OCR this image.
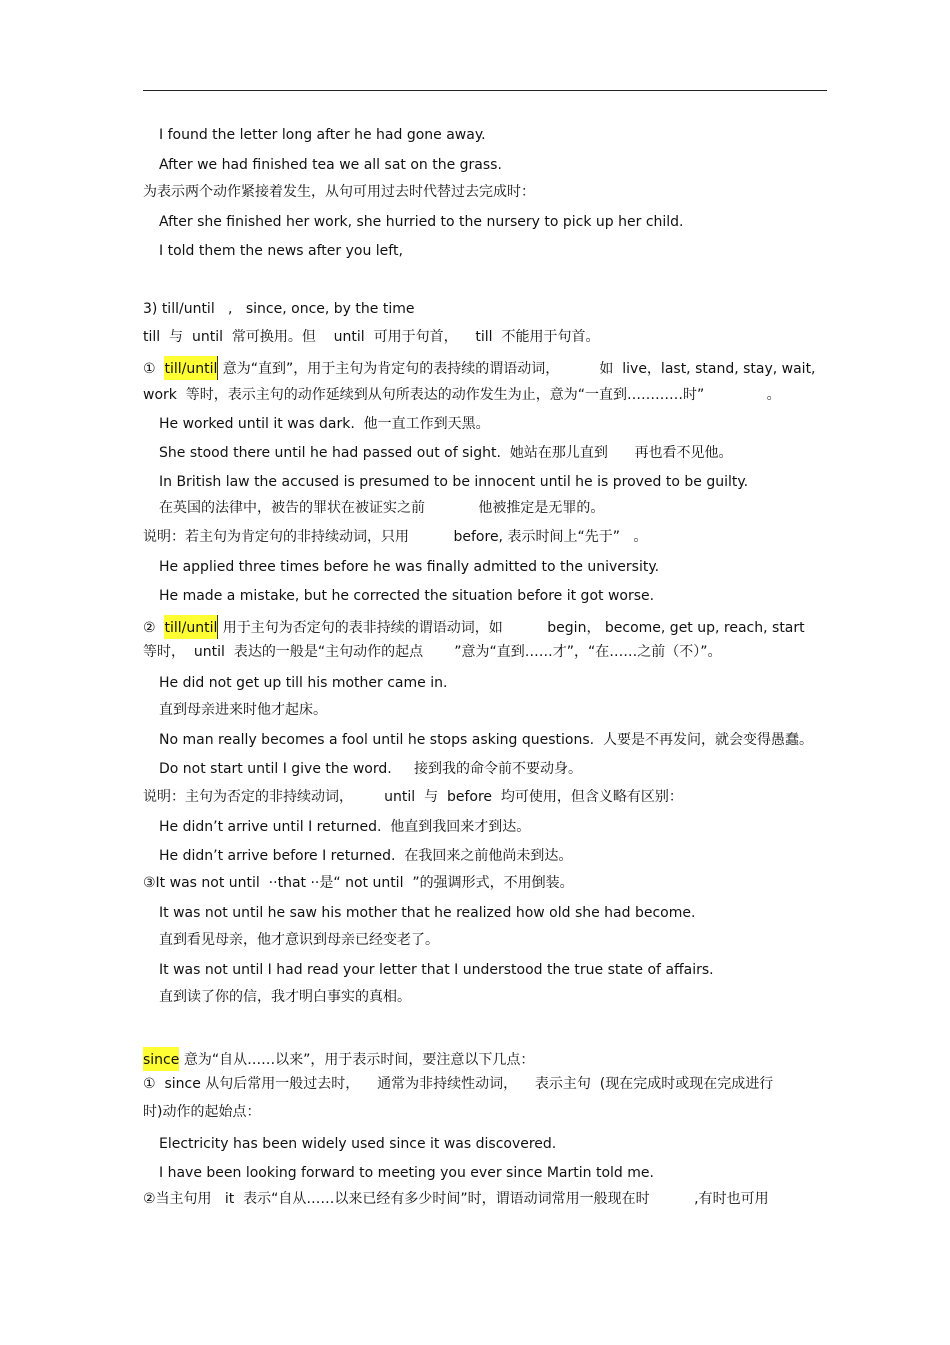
I found the letter long after he had gone away.
After we had finished tea we all sat on the grass.
为表示两个动作紧接着发生，从句可用过去时代替过去完成时：
After she finished her work, she hurried to the nursery to pick up her child.
I told them the news after you left,
3) till/until   ,   since, once, by the time
till  与  until  常可换用。但    until  可用于句首，    till  不能用于句首。
①  till/until 意为“直到”，用于主句为肯定句的表持续的谓语动词，         如  live，last, stand, stay, wait,
work  等时，表示主句的动作延续到从句所表达的动作发生为止，意为“一直到…………时”              。
He worked until it was dark.  他一直工作到天黑。
She stood there until he had passed out of sight.  她站在那儿直到      再也看不见他。
In British law the accused is presumed to be innocent until he is proved to be guilty.
在英国的法律中，被告的罪状在被证实之前            他被推定是无罪的。
说明：若主句为肯定句的非持续动词，只用          before, 表示时间上“先于”   。
He applied three times before he was finally admitted to the university.
He made a mistake, but he corrected the situation before it got worse.
②  till/until 用于主句为否定句的表非持续的谓语动词，如          begin， become, get up, reach, start
等时，  until  表达的一般是“主句动作的起点       ”意为“直到……才”，“在……之前（不）”。
He did not get up till his mother came in.
直到母亲进来时他才起床。
No man really becomes a fool until he stops asking questions.  人要是不再发问，就会变得愚蠢。
Do not start until I give the word.     接到我的命令前不要动身。
说明：主句为否定的非持续动词，       until  与  before  均可使用，但含义略有区别：
He didn’t arrive until I returned.  他直到我回来才到达。
He didn’t arrive before I returned.  在我回来之前他尚未到达。
③It was not until  ··that ··是“ not until  ”的强调形式，不用倒装。
It was not until he saw his mother that he realized how old she had become.
直到看见母亲，他才意识到母亲已经变老了。
It was not until I had read your letter that I understood the true state of affairs.
直到读了你的信，我才明白事实的真相。
since 意为“自从……以来”，用于表示时间，要注意以下几点：
①  since 从句后常用一般过去时，    通常为非持续性动词，    表示主句  (现在完成时或现在完成进行
时)动作的起始点：
Electricity has been widely used since it was discovered.
I have been looking forward to meeting you ever since Martin told me.
②当主句用   it  表示“自从……以来已经有多少时间”时，谓语动词常用一般现在时          ,有时也可用
